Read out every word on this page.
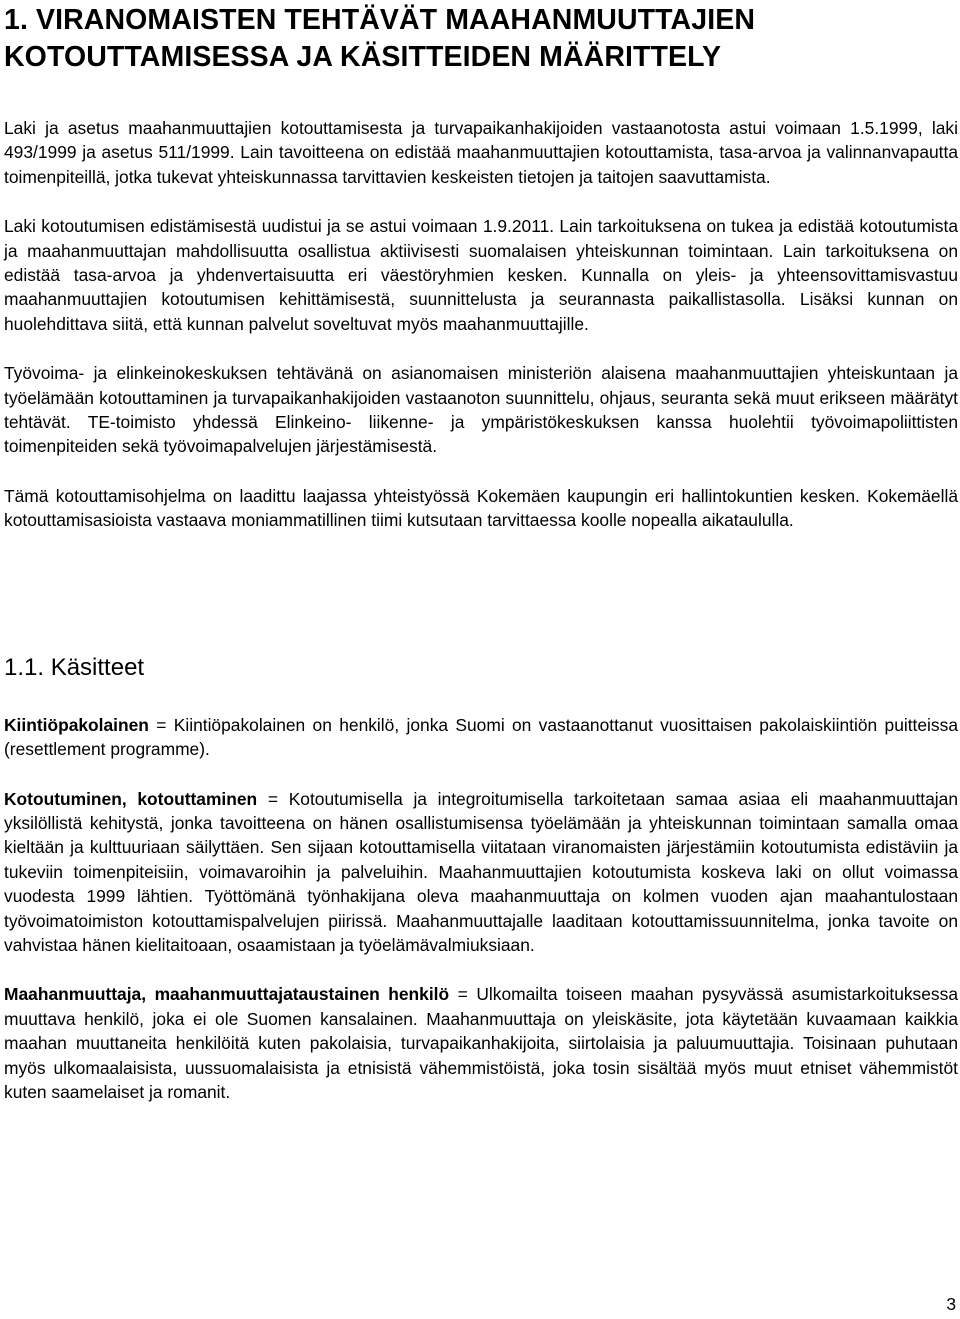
1. VIRANOMAISTEN TEHTÄVÄT MAAHANMUUTTAJIEN
KOTOUTTAMISESSA JA KÄSITTEIDEN MÄÄRITTELY

Laki ja asetus maahanmuuttajien kotouttamisesta ja turvapaikanhakijoiden vastaanotosta astui voimaan 1.5.1999, laki 493/1999 ja asetus 511/1999. Lain tavoitteena on edistää maahanmuuttajien kotouttamista, tasa-arvoa ja valinnanvapautta toimenpiteillä, jotka tukevat yhteiskunnassa tarvittavien keskeisten tietojen ja taitojen saavuttamista.

Laki kotoutumisen edistämisestä uudistui ja se astui voimaan 1.9.2011. Lain tarkoituksena on tukea ja edistää kotoutumista ja maahanmuuttajan mahdollisuutta osallistua aktiivisesti suomalaisen yhteiskunnan toimintaan. Lain tarkoituksena on edistää tasa-arvoa ja yhdenvertaisuutta eri väestöryhmien kesken. Kunnalla on yleis- ja yhteensovittamisvastuu maahanmuuttajien kotoutumisen kehittämisestä, suunnittelusta ja seurannasta paikallistasolla. Lisäksi kunnan on huolehdittava siitä, että kunnan palvelut soveltuvat myös maahanmuuttajille.

Työvoima- ja elinkeinokeskuksen tehtävänä on asianomaisen ministeriön alaisena maahanmuuttajien yhteiskuntaan ja työelämään kotouttaminen ja turvapaikanhakijoiden vastaanoton suunnittelu, ohjaus, seuranta sekä muut erikseen määrätyt tehtävät. TE-toimisto yhdessä Elinkeino- liikenne- ja ympäristökeskuksen kanssa huolehtii työvoimapoliittisten toimenpiteiden sekä työvoimapalvelujen järjestämisestä.

Tämä kotouttamisohjelma on laadittu laajassa yhteistyössä Kokemäen kaupungin eri hallintokuntien kesken. Kokemäellä kotouttamisasioista vastaava moniammatillinen tiimi kutsutaan tarvittaessa koolle nopealla aikataululla.

1.1. Käsitteet

Kiintiöpakolainen = Kiintiöpakolainen on henkilö, jonka Suomi on vastaanottanut vuosittaisen pakolaiskiintiön puitteissa (resettlement programme).

Kotoutuminen, kotouttaminen = Kotoutumisella ja integroitumisella tarkoitetaan samaa asiaa eli maahanmuuttajan yksilöllistä kehitystä, jonka tavoitteena on hänen osallistumisensa työelämään ja yhteiskunnan toimintaan samalla omaa kieltään ja kulttuuriaan säilyttäen. Sen sijaan kotouttamisella viitataan viranomaisten järjestämiin kotoutumista edistäviin ja tukeviin toimenpiteisiin, voimavaroihin ja palveluihin. Maahanmuuttajien kotoutumista koskeva laki on ollut voimassa vuodesta 1999 lähtien. Työttömänä työnhakijana oleva maahanmuuttaja on kolmen vuoden ajan maahantulostaan työvoimatoimiston kotouttamispalvelujen piirissä. Maahanmuuttajalle laaditaan kotouttamissuunnitelma, jonka tavoite on vahvistaa hänen kielitaitoaan, osaamistaan ja työelämävalmiuksiaan.

Maahanmuuttaja, maahanmuuttajataustainen henkilö = Ulkomailta toiseen maahan pysyvässä asumistarkoituksessa muuttava henkilö, joka ei ole Suomen kansalainen. Maahanmuuttaja on yleiskäsite, jota käytetään kuvaamaan kaikkia maahan muuttaneita henkilöitä kuten pakolaisia, turvapaikanhakijoita, siirtolaisia ja paluumuuttajia. Toisinaan puhutaan myös ulkomaalaisista, uussuomalaisista ja etnisistä vähemmistöistä, joka tosin sisältää myös muut etniset vähemmistöt kuten saamelaiset ja romanit.

3
